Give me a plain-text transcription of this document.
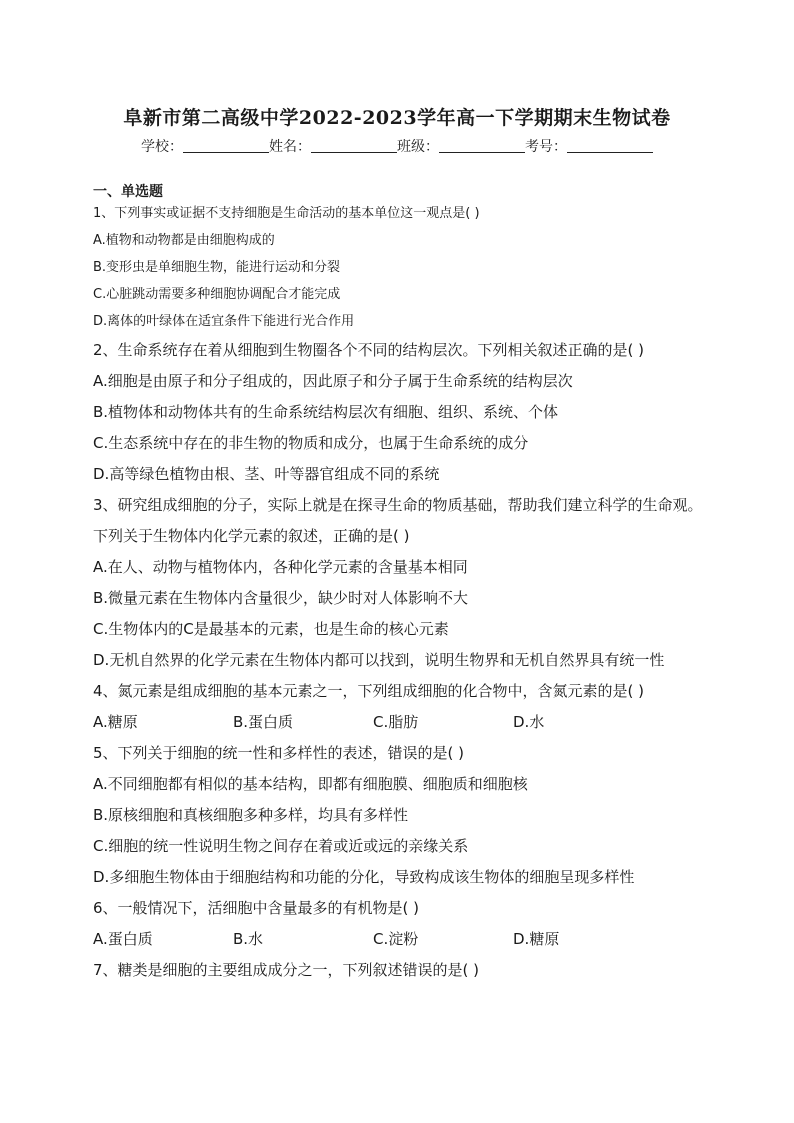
阜新市第二高级中学2022-2023学年高一下学期期末生物试卷
学校：	姓名：	班级：	考号：
一、单选题
1、下列事实或证据不支持细胞是生命活动的基本单位这一观点是( )
A.植物和动物都是由细胞构成的
B.变形虫是单细胞生物，能进行运动和分裂
C.心脏跳动需要多种细胞协调配合才能完成
D.离体的叶绿体在适宜条件下能进行光合作用
2、生命系统存在着从细胞到生物圈各个不同的结构层次。下列相关叙述正确的是( )
A.细胞是由原子和分子组成的，因此原子和分子属于生命系统的结构层次
B.植物体和动物体共有的生命系统结构层次有细胞、组织、系统、个体
C.生态系统中存在的非生物的物质和成分，也属于生命系统的成分
D.高等绿色植物由根、茎、叶等器官组成不同的系统
3、研究组成细胞的分子，实际上就是在探寻生命的物质基础，帮助我们建立科学的生命观。下列关于生物体内化学元素的叙述，正确的是( )
A.在人、动物与植物体内，各种化学元素的含量基本相同
B.微量元素在生物体内含量很少，缺少时对人体影响不大
C.生物体内的C是最基本的元素，也是生命的核心元素
D.无机自然界的化学元素在生物体内都可以找到，说明生物界和无机自然界具有统一性
4、氮元素是组成细胞的基本元素之一，下列组成细胞的化合物中，含氮元素的是( )
A.糖原	B.蛋白质	C.脂肪	D.水
5、下列关于细胞的统一性和多样性的表述，错误的是( )
A.不同细胞都有相似的基本结构，即都有细胞膜、细胞质和细胞核
B.原核细胞和真核细胞多种多样，均具有多样性
C.细胞的统一性说明生物之间存在着或近或远的亲缘关系
D.多细胞生物体由于细胞结构和功能的分化，导致构成该生物体的细胞呈现多样性
6、一般情况下，活细胞中含量最多的有机物是( )
A.蛋白质	B.水	C.淀粉	D.糖原
7、糖类是细胞的主要组成成分之一，下列叙述错误的是( )
